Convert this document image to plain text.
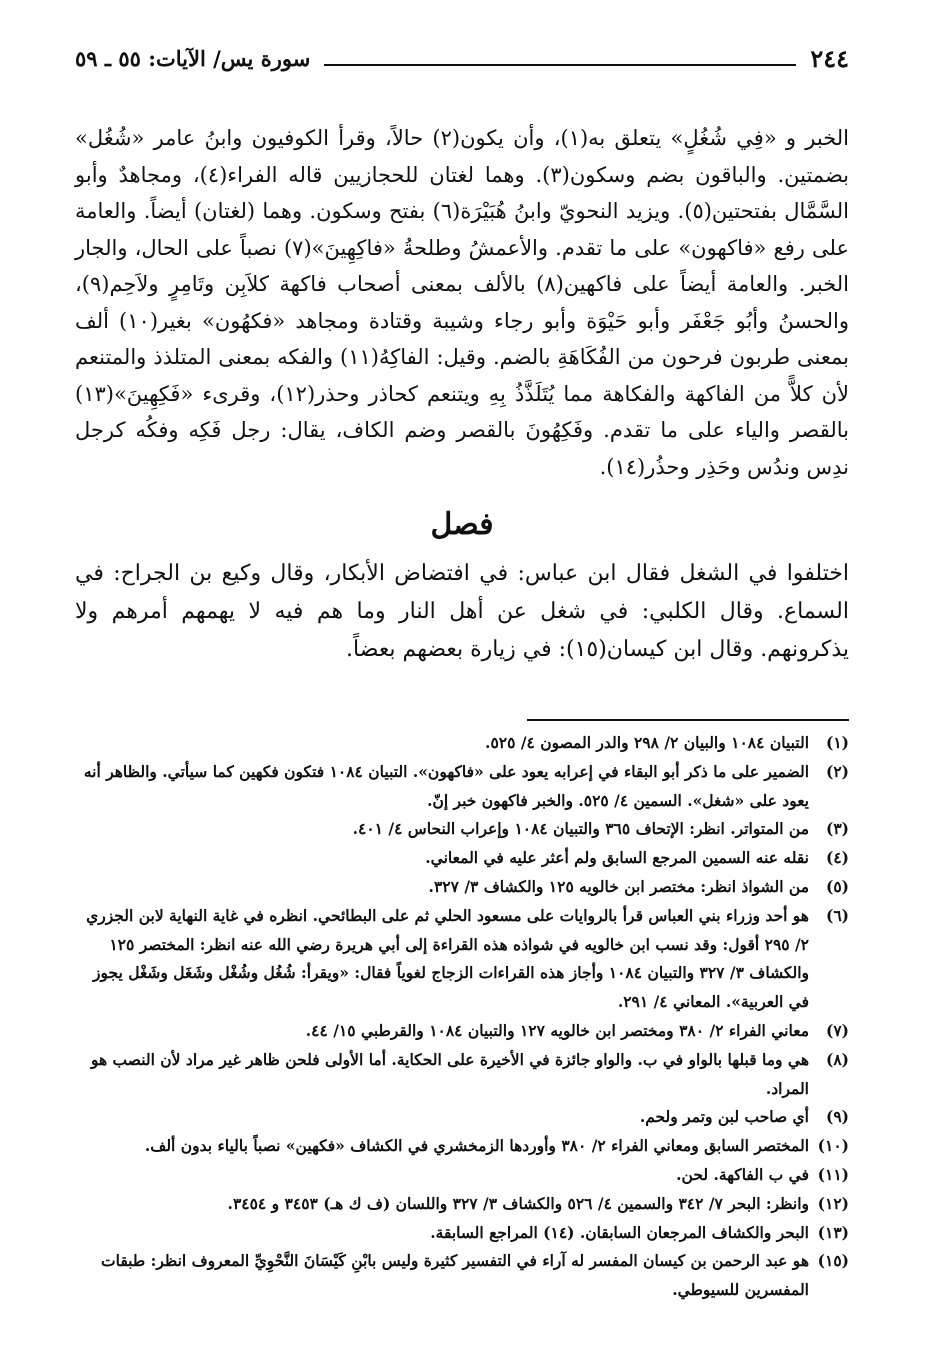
٢٤٤
سورة يس/ الآيات: ٥٥ ـ ٥٩

الخبر و «فِي شُغُلٍ» يتعلق به(١)، وأن يكون(٢) حالاً، وقرأ الكوفيون وابنُ عامر «شُغُل» بضمتين. والباقون بضم وسكون(٣). وهما لغتان للحجازيين قاله الفراء(٤)، ومجاهدٌ وأبو السَّمَّال بفتحتين(٥). ويزيد النحويّ وابنُ هُبَيْرَة(٦) بفتح وسكون. وهما (لغتان) أيضاً. والعامة على رفع «فاكهون» على ما تقدم. والأعمشُ وطلحةُ «فاكِهِينَ»(٧) نصباً على الحال، والجار الخبر. والعامة أيضاً على فاكهين(٨) بالألف بمعنى أصحاب فاكهة كلاَبِن وتَامِرٍ ولاَحِم(٩)، والحسنُ وأبُو جَعْفَر وأبو حَيْوَة وأبو رجاء وشيبة وقتادة ومجاهد «فكهُون» بغير(١٠) ألف بمعنى طربون فرحون من الفُكَاهَةِ بالضم. وقيل: الفاكِهُ(١١) والفكه بمعنى المتلذذ والمتنعم لأن كلاًّ من الفاكهة والفكاهة مما يُتَلَذَّذُ بِهِ ويتنعم كحاذر وحذر(١٢)، وقرىء «فَكِهِينَ»(١٣) بالقصر والياء على ما تقدم. وفَكِهُونَ بالقصر وضم الكاف، يقال: رجل فَكِه وفكُه كرجل ندِس وندُس وحَذِر وحذُر(١٤).

فصل

اختلفوا في الشغل فقال ابن عباس: في افتضاض الأبكار، وقال وكيع بن الجراح: في السماع. وقال الكلبي: في شغل عن أهل النار وما هم فيه لا يهمهم أمرهم ولا يذكرونهم. وقال ابن كيسان(١٥): في زيارة بعضهم بعضاً.

(١)
التبيان ١٠٨٤ والبيان ٢/ ٢٩٨ والدر المصون ٤/ ٥٢٥.
(٢)
الضمير على ما ذكر أبو البقاء في إعرابه يعود على «فاكهون». التبيان ١٠٨٤ فتكون فكهين كما سيأتي. والظاهر أنه يعود على «شغل». السمين ٤/ ٥٢٥. والخبر فاكهون خبر إنّ.
(٣)
من المتواتر. انظر: الإتحاف ٣٦٥ والتبيان ١٠٨٤ وإعراب النحاس ٤/ ٤٠١.
(٤)
نقله عنه السمين المرجع السابق ولم أعثر عليه في المعاني.
(٥)
من الشواذ انظر: مختصر ابن خالويه ١٢٥ والكشاف ٣/ ٣٢٧.
(٦)
هو أحد وزراء بني العباس قرأ بالروايات على مسعود الحلي ثم على البطائحي. انظره في غاية النهاية لابن الجزري ٢/ ٢٩٥ أقول: وقد نسب ابن خالويه في شواذه هذه القراءة إلى أبي هريرة رضي الله عنه انظر: المختصر ١٢٥ والكشاف ٣/ ٣٢٧ والتبيان ١٠٨٤ وأجاز هذه القراءات الزجاج لغوياً فقال: «ويقرأ: شُغُل وشُغْل وشَغَل وشَغْل يجوز في العربية». المعاني ٤/ ٢٩١.
(٧)
معاني الفراء ٢/ ٣٨٠ ومختصر ابن خالويه ١٢٧ والتبيان ١٠٨٤ والقرطبي ١٥/ ٤٤.
(٨)
هي وما قبلها بالواو في ب. والواو جائزة في الأخيرة على الحكاية. أما الأولى فلحن ظاهر غير مراد لأن النصب هو المراد.
(٩)
أي صاحب لبن وتمر ولحم.
(١٠)
المختصر السابق ومعاني الفراء ٢/ ٣٨٠ وأوردها الزمخشري في الكشاف «فكهين» نصباً بالياء بدون ألف.
(١١)
في ب الفاكهة. لحن.
(١٢)
وانظر: البحر ٧/ ٣٤٢ والسمين ٤/ ٥٢٦ والكشاف ٣/ ٣٢٧ واللسان (ف ك هـ) ٣٤٥٣ و ٣٤٥٤.
(١٣)
البحر والكشاف المرجعان السابقان. (١٤) المراجع السابقة.
(١٥)
هو عبد الرحمن بن كيسان المفسر له آراء في التفسير كثيرة وليس بابْنِ كَيْسَانَ النَّحْوِيِّ المعروف انظر: طبقات المفسرين للسيوطي.
